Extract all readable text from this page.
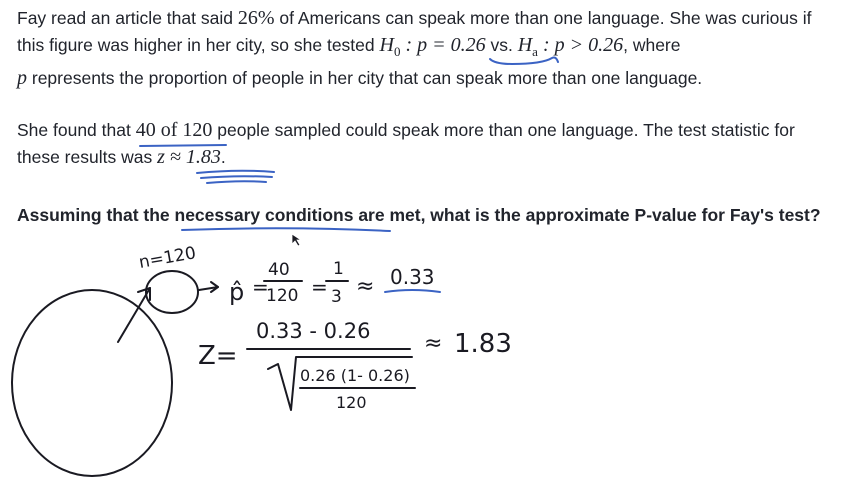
Fay read an article that said 26% of Americans can speak more than one language. She was curious if this figure was higher in her city, so she tested $H_0$ : p = 0.26 vs. $H_a$ : p > 0.26, where
p represents the proportion of people in her city that can speak more than one language.

She found that 40 of 120 people sampled could speak more than one language. The test statistic for these results was z ≈ 1.83.

Assuming that the necessary conditions are met, what is the approximate P-value for Fay's test?

n=120
p̂ =
40
120 =
1
3 ≈ 0.33
Z=
0.33 - 0.26
0.26 (1- 0.26)
120
≈ 1.83
